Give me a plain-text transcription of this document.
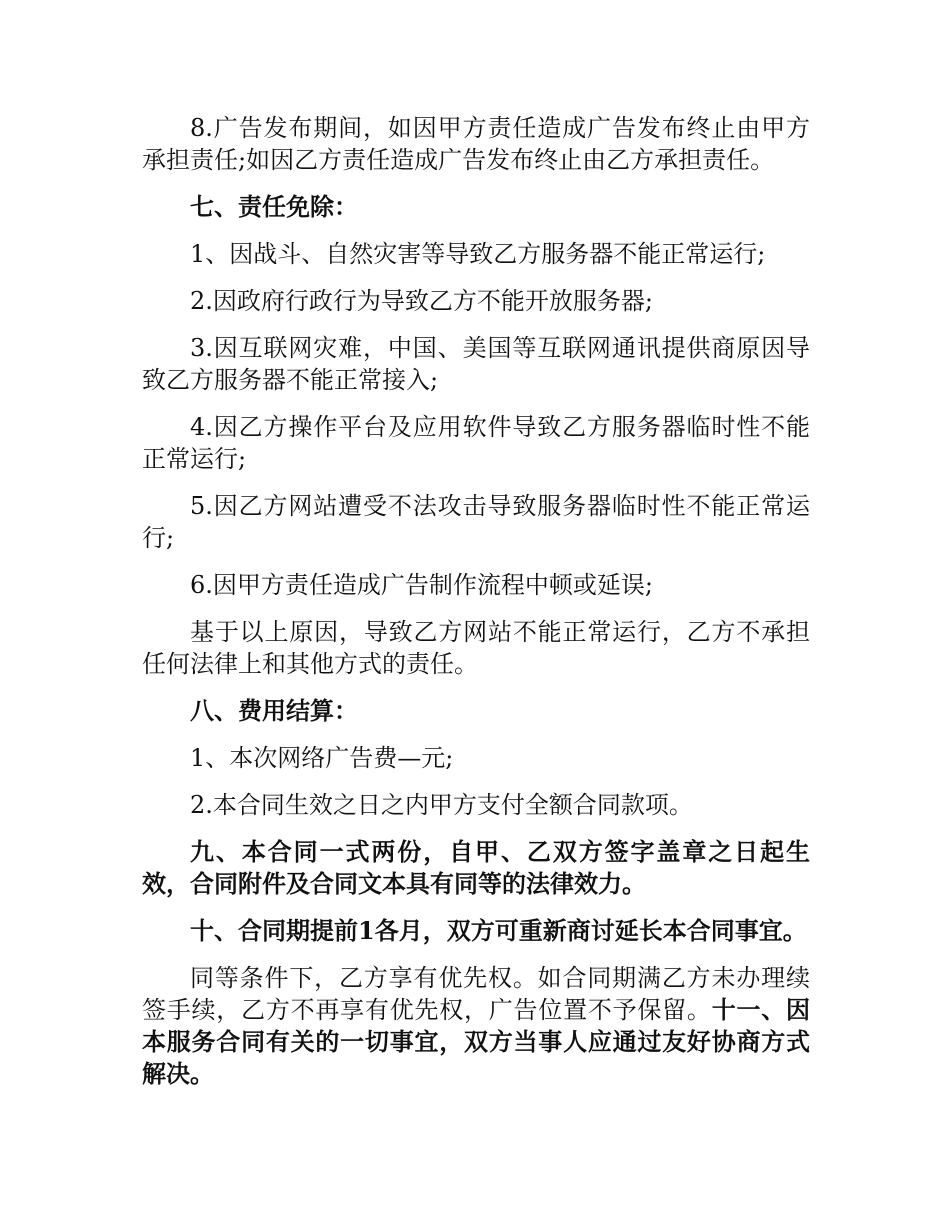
8.广告发布期间，如因甲方责任造成广告发布终止由甲方承担责任;如因乙方责任造成广告发布终止由乙方承担责任。

七、责任免除：

1、因战斗、自然灾害等导致乙方服务器不能正常运行;

2.因政府行政行为导致乙方不能开放服务器;

3.因互联网灾难，中国、美国等互联网通讯提供商原因导致乙方服务器不能正常接入;

4.因乙方操作平台及应用软件导致乙方服务器临时性不能正常运行;

5.因乙方网站遭受不法攻击导致服务器临时性不能正常运行;

6.因甲方责任造成广告制作流程中顿或延误;

基于以上原因，导致乙方网站不能正常运行，乙方不承担任何法律上和其他方式的责任。

八、费用结算：

1、本次网络广告费—元;

2.本合同生效之日之内甲方支付全额合同款项。

九、本合同一式两份，自甲、乙双方签字盖章之日起生效，合同附件及合同文本具有同等的法律效力。

十、合同期提前1各月，双方可重新商讨延长本合同事宜。

同等条件下，乙方享有优先权。如合同期满乙方未办理续签手续，乙方不再享有优先权，广告位置不予保留。十一、因本服务合同有关的一切事宜，双方当事人应通过友好协商方式解决。
